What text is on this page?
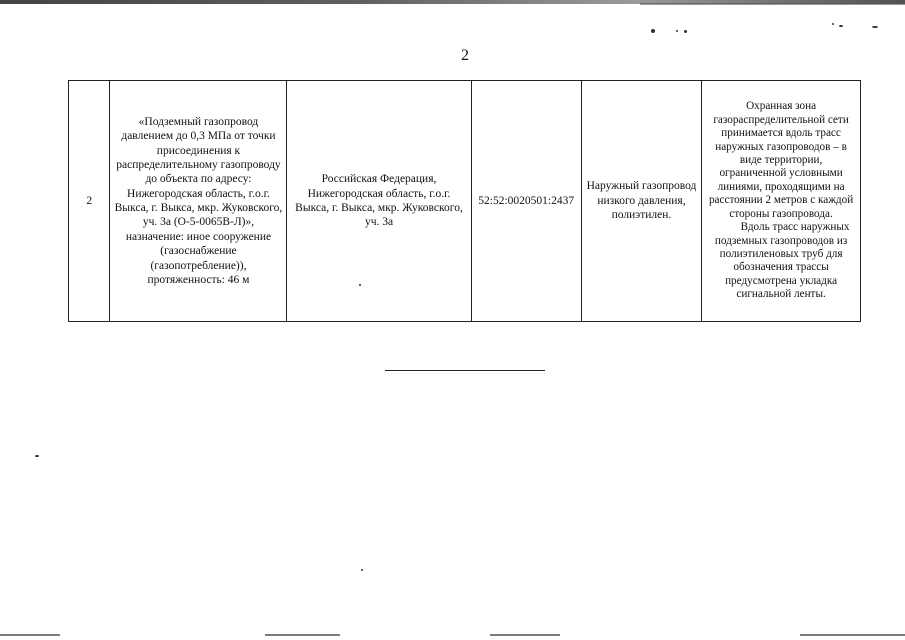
2
2	«Подземный газопровод давлением до 0,3 МПа от точки присоединения к распределительному газопроводу до объекта по адресу: Нижегородская область, г.о.г. Выкса, г. Выкса, мкр. Жуковского, уч. 3а (О-5-0065В-Л)», назначение: иное сооружение (газоснабжение (газопотребление)), протяженность: 46 м	Российская Федерация, Нижегородская область, г.о.г. Выкса, г. Выкса, мкр. Жуковского, уч. 3а	52:52:0020501:2437	Наружный газопровод низкого давления, полиэтилен.	Охранная зона газораспределительной сети принимается вдоль трасс наружных газопроводов – в виде территории, ограниченной условными линиями, проходящими на расстоянии 2 метров с каждой стороны газопровода.
Вдоль трасс наружных подземных газопроводов из полиэтиленовых труб для обозначения трассы предусмотрена укладка сигнальной ленты.
